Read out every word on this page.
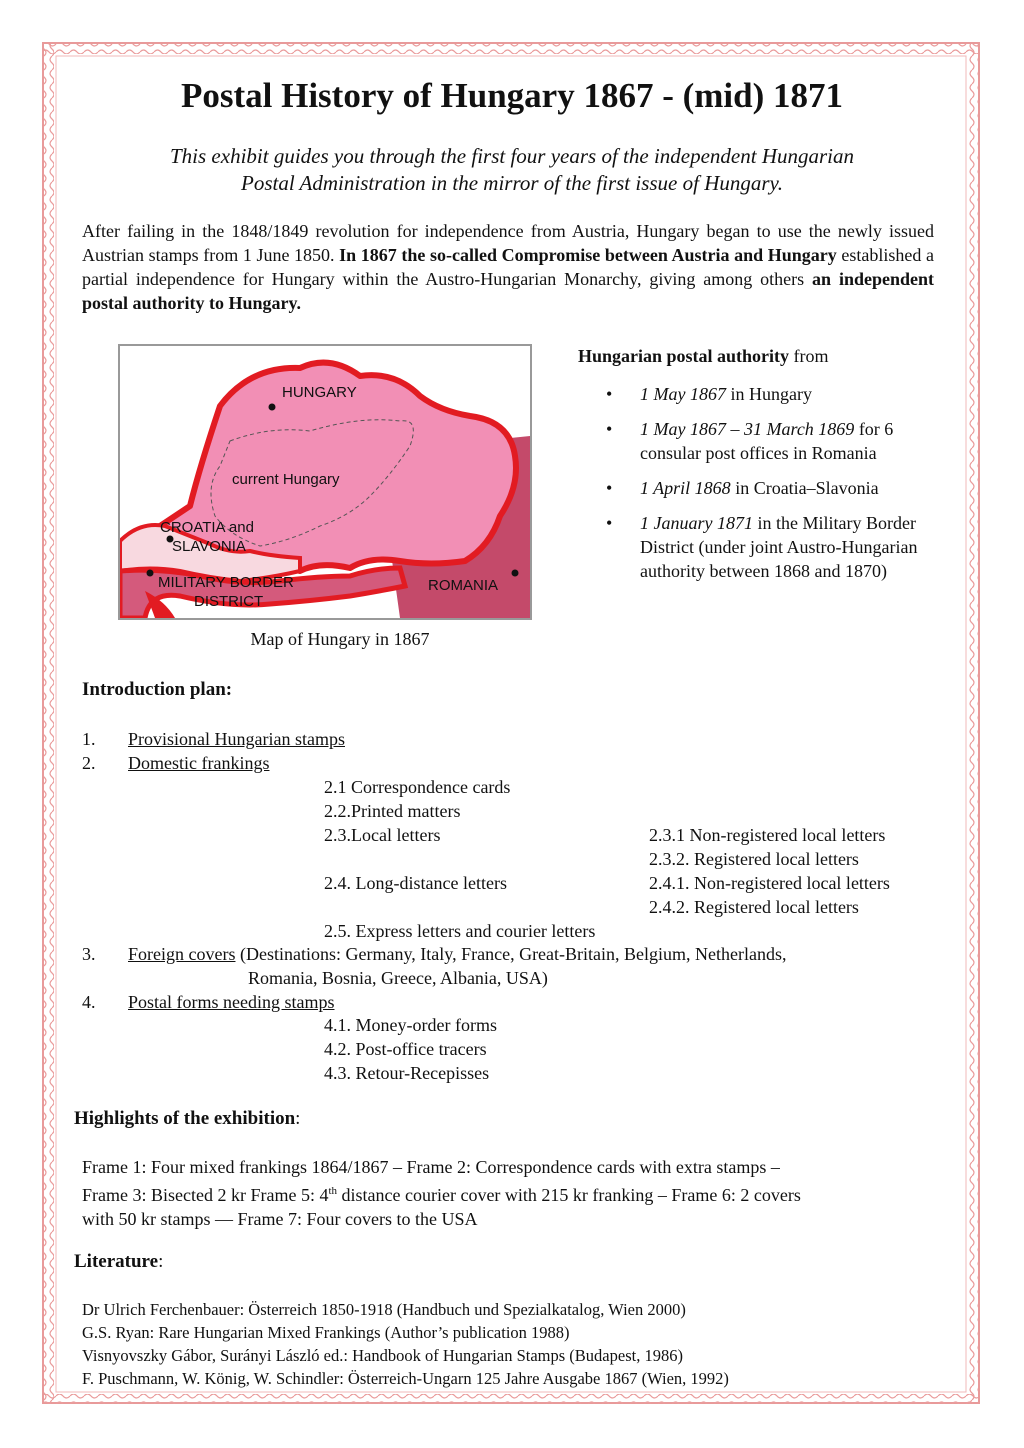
Postal History of Hungary 1867 - (mid) 1871
This exhibit guides you through the first four years of the independent Hungarian
Postal Administration in the mirror of the first issue of Hungary.
After failing in the 1848/1849 revolution for independence from Austria, Hungary began to use the newly issued Austrian stamps from 1 June 1850. In 1867 the so-called Compromise between Austria and Hungary established a partial independence for Hungary within the Austro-Hungarian Monarchy, giving among others an independent postal authority to Hungary.
HUNGARY
current Hungary
CROATIA and
SLAVONIA
MILITARY BORDER
DISTRICT
ROMANIA
Map of Hungary in 1867
Hungarian postal authority from
• 1 May 1867 in Hungary
• 1 May 1867 – 31 March 1869 for 6 consular post offices in Romania
• 1 April 1868 in Croatia–Slavonia
• 1 January 1871 in the Military Border District (under joint Austro-Hungarian authority between 1868 and 1870)
Introduction plan:
1. Provisional Hungarian stamps
2. Domestic frankings
2.1 Correspondence cards
2.2.Printed matters
2.3.Local letters	2.3.1 Non-registered local letters
2.3.2. Registered local letters
2.4. Long-distance letters	2.4.1. Non-registered local letters
2.4.2. Registered local letters
2.5. Express letters and courier letters
3. Foreign covers (Destinations: Germany, Italy, France, Great-Britain, Belgium, Netherlands,
Romania, Bosnia, Greece, Albania, USA)
4. Postal forms needing stamps
4.1. Money-order forms
4.2. Post-office tracers
4.3. Retour-Recepisses
Highlights of the exhibition:
Frame 1: Four mixed frankings 1864/1867 – Frame 2: Correspondence cards with extra stamps –
Frame 3: Bisected 2 kr Frame 5: 4th distance courier cover with 215 kr franking – Frame 6: 2 covers
with 50 kr stamps — Frame 7: Four covers to the USA
Literature:
Dr Ulrich Ferchenbauer: Österreich 1850-1918 (Handbuch und Spezialkatalog, Wien 2000)
G.S. Ryan: Rare Hungarian Mixed Frankings (Author’s publication 1988)
Visnyovszky Gábor, Surányi László ed.: Handbook of Hungarian Stamps (Budapest, 1986)
F. Puschmann, W. König, W. Schindler: Österreich-Ungarn 125 Jahre Ausgabe 1867 (Wien, 1992)
